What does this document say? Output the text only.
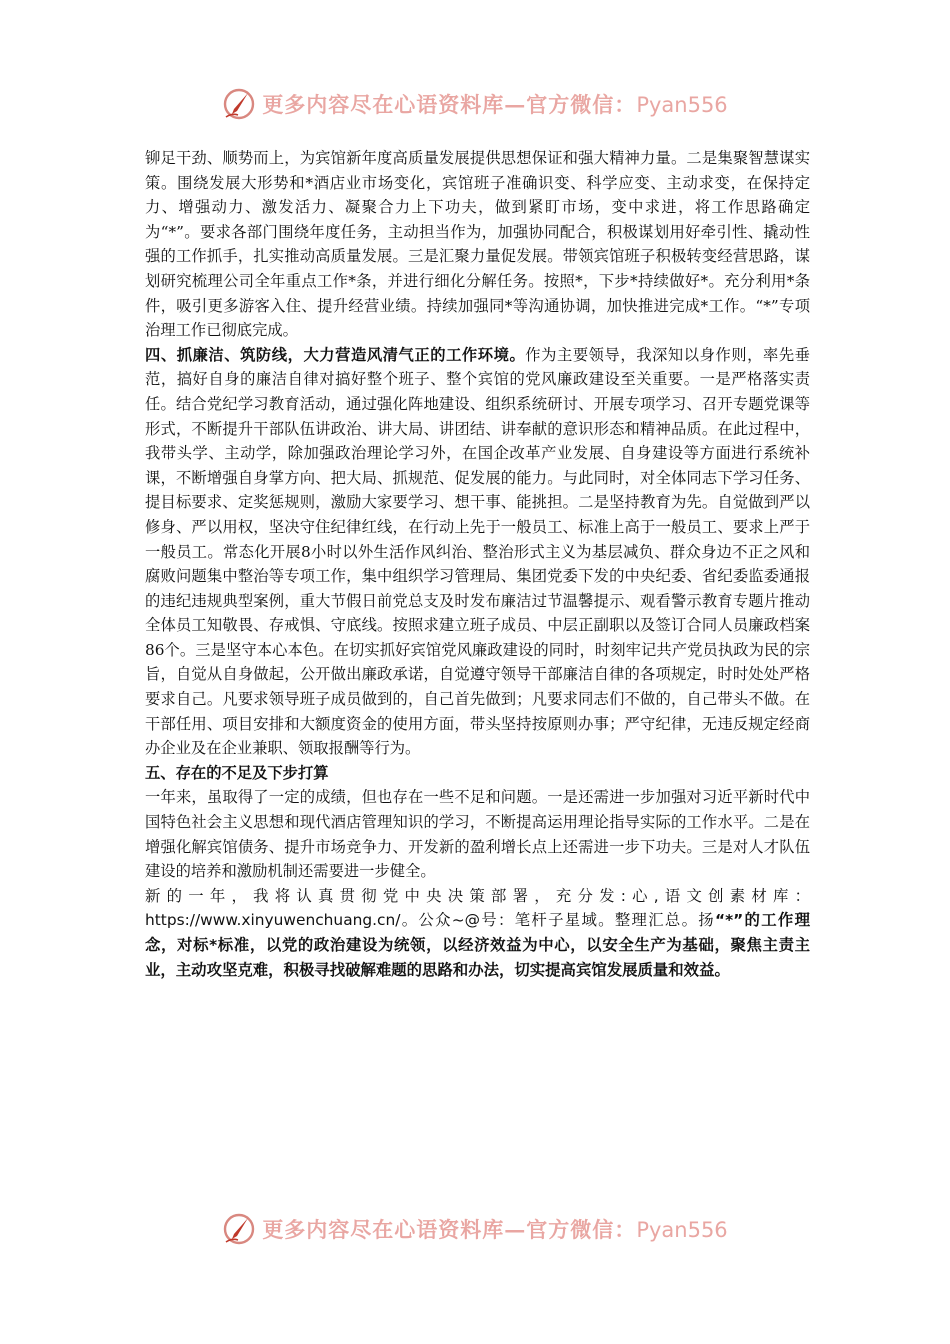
更多内容尽在心语资料库—官方微信：Pyan556

铆足干劲、顺势而上，为宾馆新年度高质量发展提供思想保证和强大精神力量。二是集聚智慧谋实策。围绕发展大形势和*酒店业市场变化，宾馆班子准确识变、科学应变、主动求变，在保持定力、增强动力、激发活力、凝聚合力上下功夫，做到紧盯市场，变中求进，将工作思路确定为“*”。要求各部门围绕年度任务，主动担当作为，加强协同配合，积极谋划用好牵引性、撬动性强的工作抓手，扎实推动高质量发展。三是汇聚力量促发展。带领宾馆班子积极转变经营思路，谋划研究梳理公司全年重点工作*条，并进行细化分解任务。按照*，下步*持续做好*。充分利用*条件，吸引更多游客入住、提升经营业绩。持续加强同*等沟通协调，加快推进完成*工作。“*”专项治理工作已彻底完成。

四、抓廉洁、筑防线，大力营造风清气正的工作环境。作为主要领导，我深知以身作则，率先垂范，搞好自身的廉洁自律对搞好整个班子、整个宾馆的党风廉政建设至关重要。一是严格落实责任。结合党纪学习教育活动，通过强化阵地建设、组织系统研讨、开展专项学习、召开专题党课等形式，不断提升干部队伍讲政治、讲大局、讲团结、讲奉献的意识形态和精神品质。在此过程中，我带头学、主动学，除加强政治理论学习外，在国企改革产业发展、自身建设等方面进行系统补课，不断增强自身掌方向、把大局、抓规范、促发展的能力。与此同时，对全体同志下学习任务、提目标要求、定奖惩规则，激励大家要学习、想干事、能挑担。二是坚持教育为先。自觉做到严以修身、严以用权，坚决守住纪律红线，在行动上先于一般员工、标准上高于一般员工、要求上严于一般员工。常态化开展8小时以外生活作风纠治、整治形式主义为基层减负、群众身边不正之风和腐败问题集中整治等专项工作，集中组织学习管理局、集团党委下发的中央纪委、省纪委监委通报的违纪违规典型案例，重大节假日前党总支及时发布廉洁过节温馨提示、观看警示教育专题片推动全体员工知敬畏、存戒惧、守底线。按照求建立班子成员、中层正副职以及签订合同人员廉政档案86个。三是坚守本心本色。在切实抓好宾馆党风廉政建设的同时，时刻牢记共产党员执政为民的宗旨，自觉从自身做起，公开做出廉政承诺，自觉遵守领导干部廉洁自律的各项规定，时时处处严格要求自己。凡要求领导班子成员做到的，自己首先做到；凡要求同志们不做的，自己带头不做。在干部任用、项目安排和大额度资金的使用方面，带头坚持按原则办事；严守纪律，无违反规定经商办企业及在企业兼职、领取报酬等行为。

五、存在的不足及下步打算

一年来，虽取得了一定的成绩，但也存在一些不足和问题。一是还需进一步加强对习近平新时代中国特色社会主义思想和现代酒店管理知识的学习，不断提高运用理论指导实际的工作水平。二是在增强化解宾馆债务、提升市场竞争力、开发新的盈利增长点上还需进一步下功夫。三是对人才队伍建设的培养和激励机制还需要进一步健全。

新的一年，我将认真贯彻党中央决策部署，充分发:心,语文创素材库：https://www.xinyuwenchuang.cn/。公众~@号：笔杆子星域。整理汇总。扬“*”的工作理念，对标*标准，以党的政治建设为统领，以经济效益为中心，以安全生产为基础，聚焦主责主业，主动攻坚克难，积极寻找破解难题的思路和办法，切实提高宾馆发展质量和效益。

更多内容尽在心语资料库—官方微信：Pyan556
